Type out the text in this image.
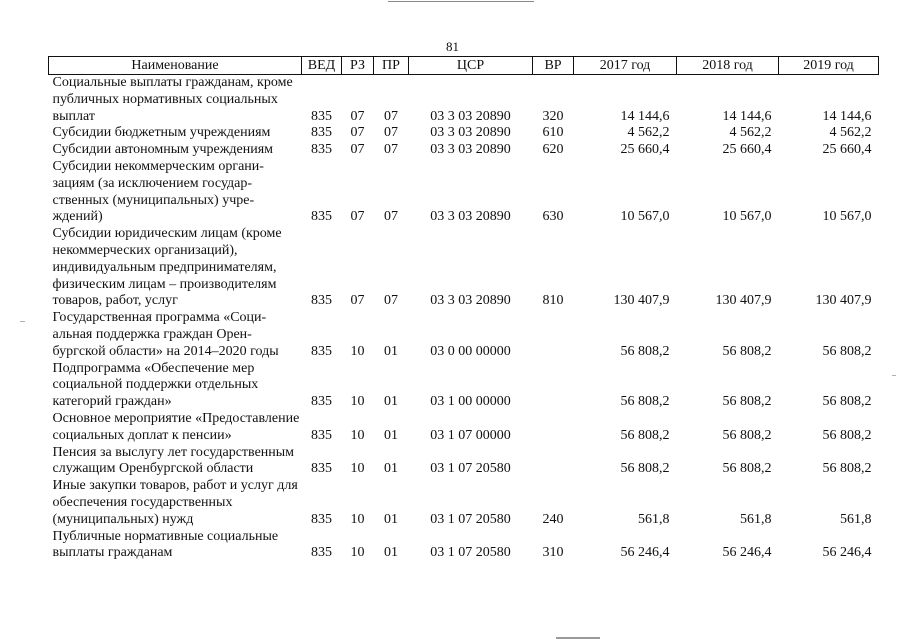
81
Наименование	ВЕД	РЗ	ПР	ЦСР	ВР	2017 год	2018 год	2019 год
Социальные выплаты гражданам, кроме публичных нормативных социальных выплат	835	07	07	03 3 03 20890	320	14 144,6	14 144,6	14 144,6
Субсидии бюджетным учреждениям	835	07	07	03 3 03 20890	610	4 562,2	4 562,2	4 562,2
Субсидии автономным учреждениям	835	07	07	03 3 03 20890	620	25 660,4	25 660,4	25 660,4
Субсидии некоммерческим организациям (за исключением государственных (муниципальных) учреждений)	835	07	07	03 3 03 20890	630	10 567,0	10 567,0	10 567,0
Субсидии юридическим лицам (кроме некоммерческих организаций), индивидуальным предпринимателям, физическим лицам – производителям товаров, работ, услуг	835	07	07	03 3 03 20890	810	130 407,9	130 407,9	130 407,9
Государственная программа «Социальная поддержка граждан Оренбургской области» на 2014–2020 годы	835	10	01	03 0 00 00000		56 808,2	56 808,2	56 808,2
Подпрограмма «Обеспечение мер социальной поддержки отдельных категорий граждан»	835	10	01	03 1 00 00000		56 808,2	56 808,2	56 808,2
Основное мероприятие «Предоставление социальных доплат к пенсии»	835	10	01	03 1 07 00000		56 808,2	56 808,2	56 808,2
Пенсия за выслугу лет государственным служащим Оренбургской области	835	10	01	03 1 07 20580		56 808,2	56 808,2	56 808,2
Иные закупки товаров, работ и услуг для обеспечения государственных (муниципальных) нужд	835	10	01	03 1 07 20580	240	561,8	561,8	561,8
Публичные нормативные социальные выплаты гражданам	835	10	01	03 1 07 20580	310	56 246,4	56 246,4	56 246,4
